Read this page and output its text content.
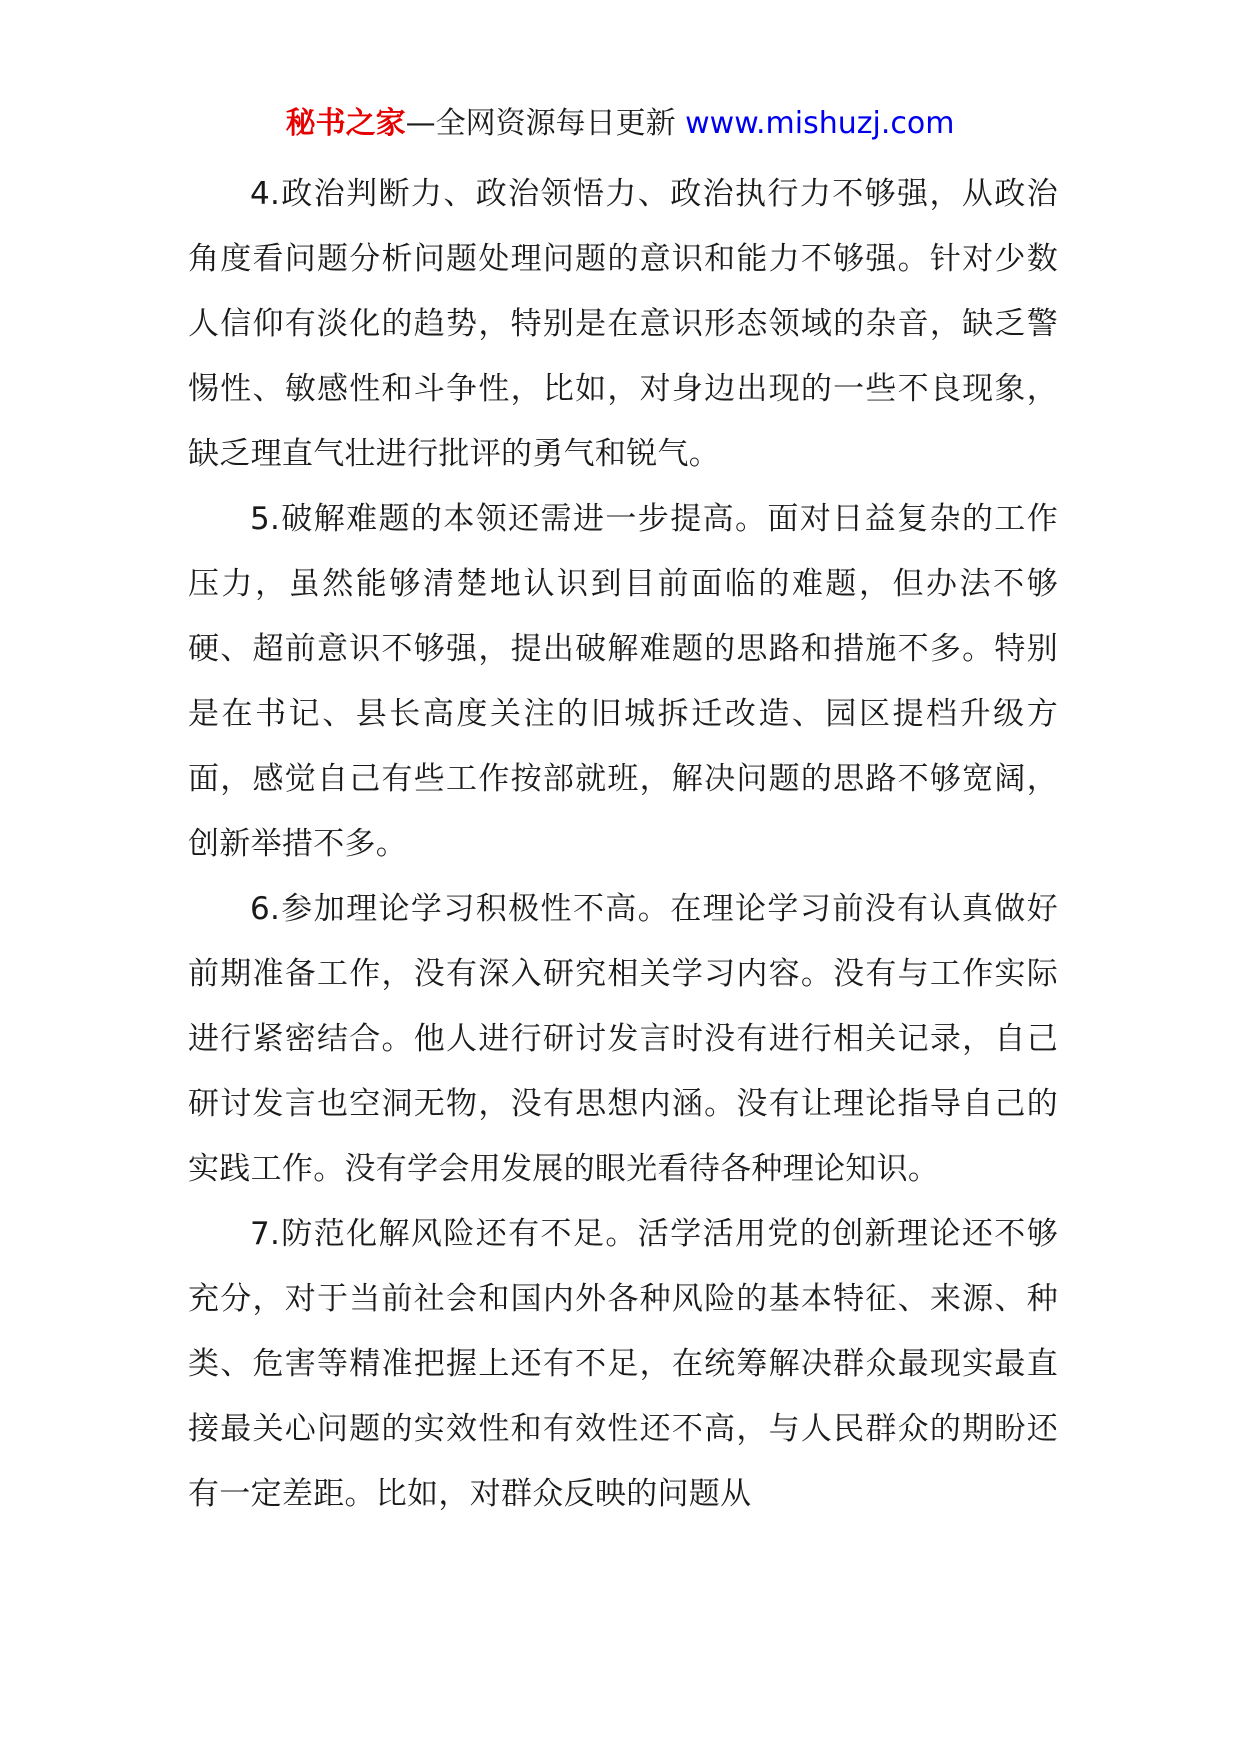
秘书之家—全网资源每日更新 www.mishuzj.com

4.政治判断力、政治领悟力、政治执行力不够强，从政治角度看问题分析问题处理问题的意识和能力不够强。针对少数人信仰有淡化的趋势，特别是在意识形态领域的杂音，缺乏警惕性、敏感性和斗争性，比如，对身边出现的一些不良现象，缺乏理直气壮进行批评的勇气和锐气。

5.破解难题的本领还需进一步提高。面对日益复杂的工作压力，虽然能够清楚地认识到目前面临的难题，但办法不够硬、超前意识不够强，提出破解难题的思路和措施不多。特别是在书记、县长高度关注的旧城拆迁改造、园区提档升级方面，感觉自己有些工作按部就班，解决问题的思路不够宽阔，创新举措不多。

6.参加理论学习积极性不高。在理论学习前没有认真做好前期准备工作，没有深入研究相关学习内容。没有与工作实际进行紧密结合。他人进行研讨发言时没有进行相关记录，自己研讨发言也空洞无物，没有思想内涵。没有让理论指导自己的实践工作。没有学会用发展的眼光看待各种理论知识。

7.防范化解风险还有不足。活学活用党的创新理论还不够充分，对于当前社会和国内外各种风险的基本特征、来源、种类、危害等精准把握上还有不足，在统筹解决群众最现实最直接最关心问题的实效性和有效性还不高，与人民群众的期盼还有一定差距。比如，对群众反映的问题从
